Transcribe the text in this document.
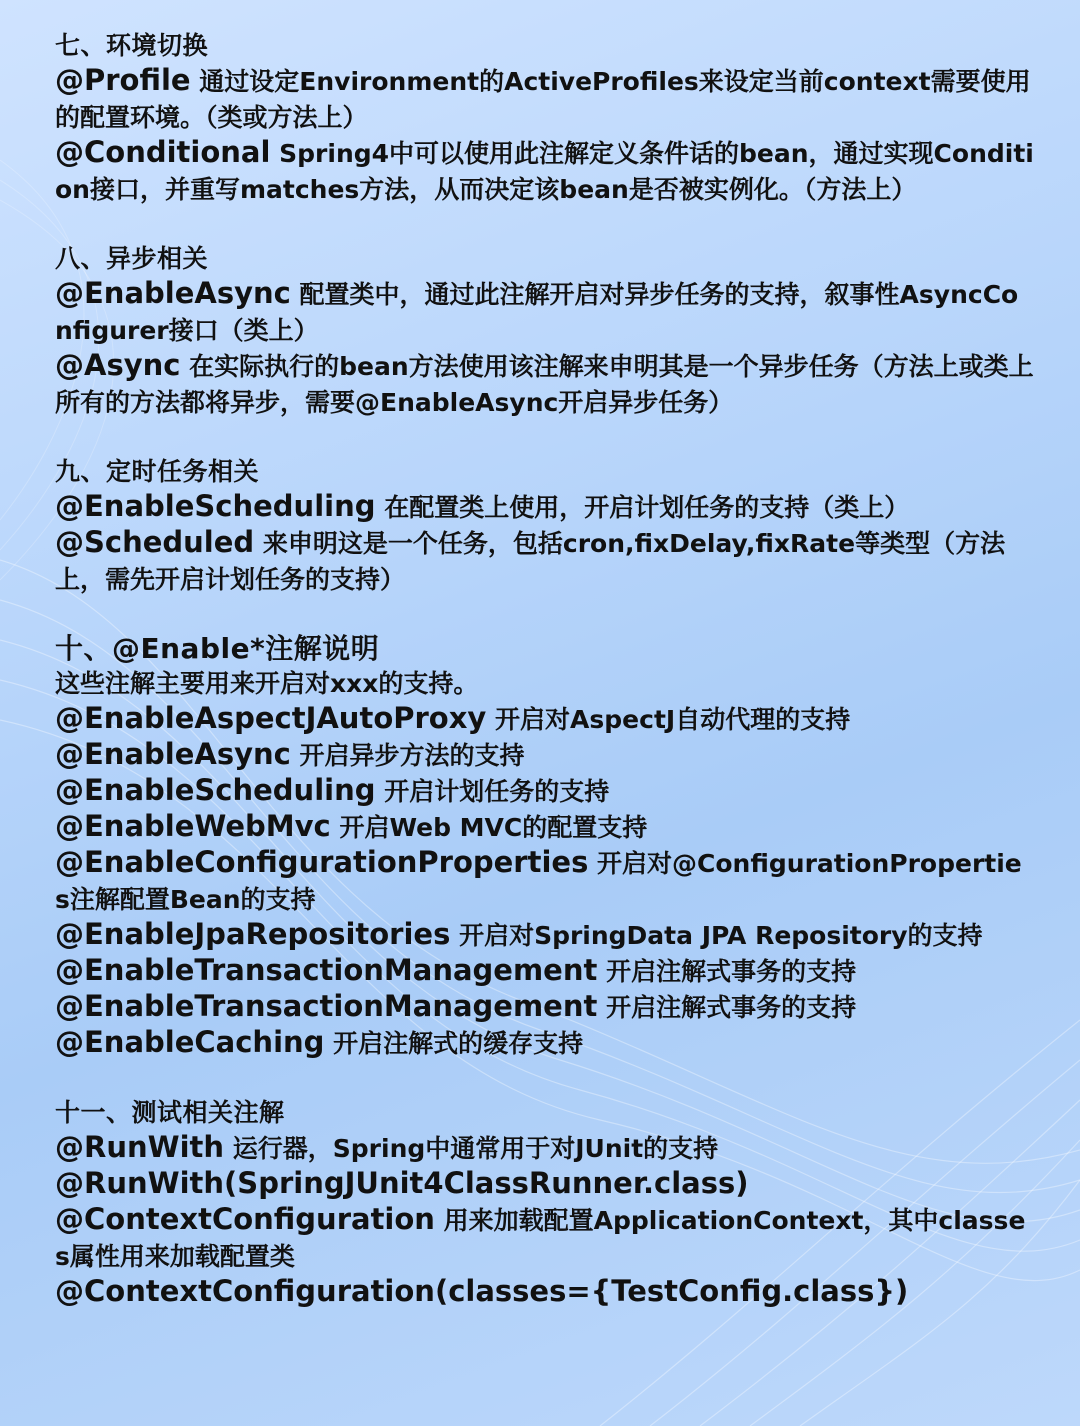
七、环境切换
@Profile 通过设定Environment的ActiveProfiles来设定当前context需要使用的配置环境。（类或方法上）
@Conditional Spring4中可以使用此注解定义条件话的bean，通过实现Condition接口，并重写matches方法，从而决定该bean是否被实例化。（方法上）
八、异步相关
@EnableAsync 配置类中，通过此注解开启对异步任务的支持，叙事性AsyncConfigurer接口（类上）
@Async 在实际执行的bean方法使用该注解来申明其是一个异步任务（方法上或类上所有的方法都将异步，需要@EnableAsync开启异步任务）
九、定时任务相关
@EnableScheduling 在配置类上使用，开启计划任务的支持（类上）
@Scheduled 来申明这是一个任务，包括cron,fixDelay,fixRate等类型（方法上，需先开启计划任务的支持）
十、@Enable*注解说明
这些注解主要用来开启对xxx的支持。
@EnableAspectJAutoProxy 开启对AspectJ自动代理的支持
@EnableAsync 开启异步方法的支持
@EnableScheduling 开启计划任务的支持
@EnableWebMvc 开启Web MVC的配置支持
@EnableConfigurationProperties 开启对@ConfigurationProperties注解配置Bean的支持
@EnableJpaRepositories 开启对SpringData JPA Repository的支持
@EnableTransactionManagement 开启注解式事务的支持
@EnableTransactionManagement 开启注解式事务的支持
@EnableCaching 开启注解式的缓存支持
十一、测试相关注解
@RunWith 运行器，Spring中通常用于对JUnit的支持
@RunWith(SpringJUnit4ClassRunner.class)
@ContextConfiguration 用来加载配置ApplicationContext，其中classes属性用来加载配置类
@ContextConfiguration(classes={TestConfig.class})
